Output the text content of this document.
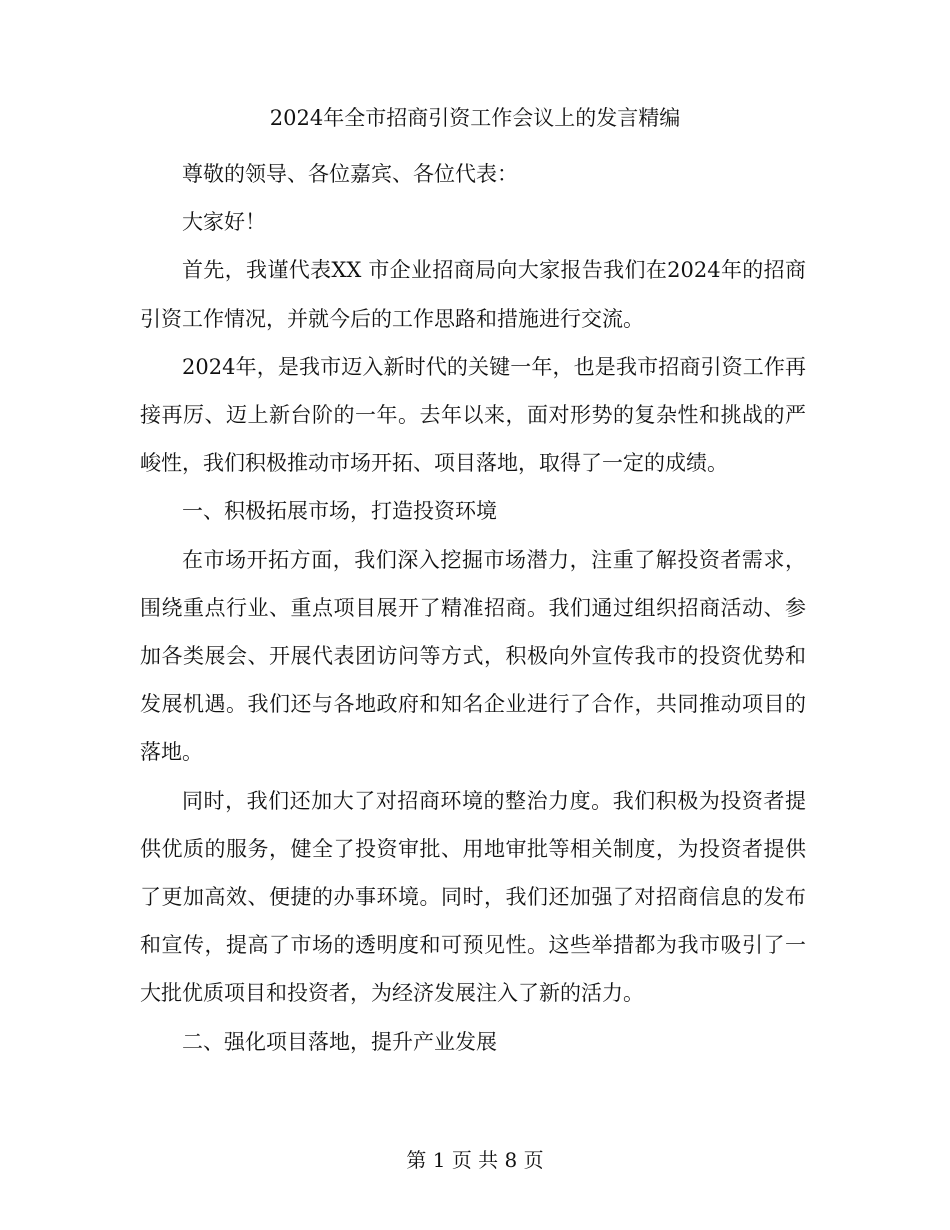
2024年全市招商引资工作会议上的发言精编

尊敬的领导、各位嘉宾、各位代表：

大家好！

首先，我谨代表XX 市企业招商局向大家报告我们在2024年的招商引资工作情况，并就今后的工作思路和措施进行交流。

2024年，是我市迈入新时代的关键一年，也是我市招商引资工作再接再厉、迈上新台阶的一年。去年以来，面对形势的复杂性和挑战的严峻性，我们积极推动市场开拓、项目落地，取得了一定的成绩。

一、积极拓展市场，打造投资环境

在市场开拓方面，我们深入挖掘市场潜力，注重了解投资者需求，围绕重点行业、重点项目展开了精准招商。我们通过组织招商活动、参加各类展会、开展代表团访问等方式，积极向外宣传我市的投资优势和发展机遇。我们还与各地政府和知名企业进行了合作，共同推动项目的落地。

同时，我们还加大了对招商环境的整治力度。我们积极为投资者提供优质的服务，健全了投资审批、用地审批等相关制度，为投资者提供了更加高效、便捷的办事环境。同时，我们还加强了对招商信息的发布和宣传，提高了市场的透明度和可预见性。这些举措都为我市吸引了一大批优质项目和投资者，为经济发展注入了新的活力。

二、强化项目落地，提升产业发展

第 1 页 共 8 页
